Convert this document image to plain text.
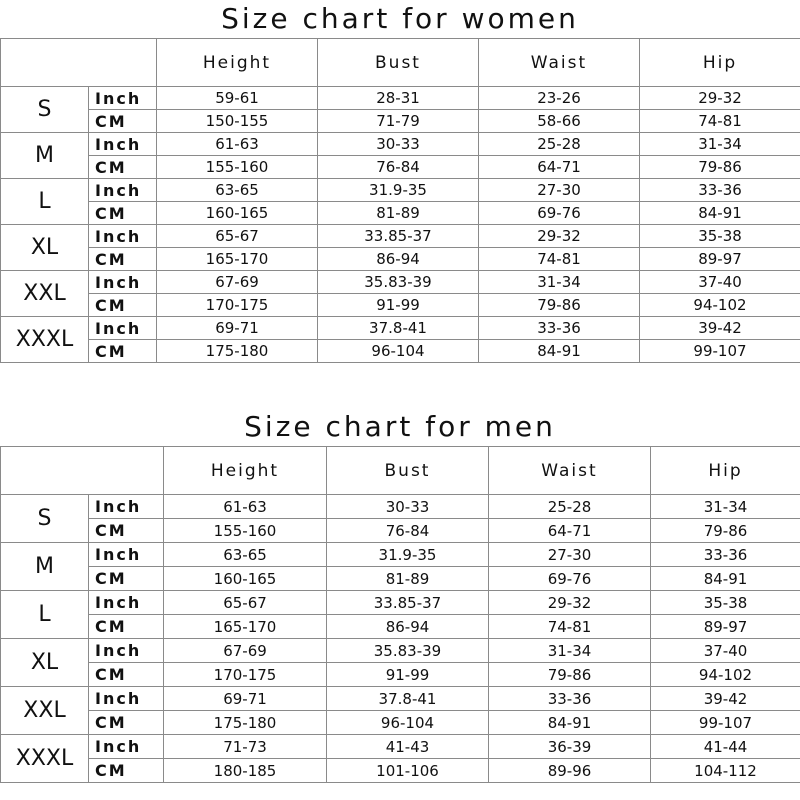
Size chart for women
		Height	Bust	Waist	Hip
S	Inch	59-61	28-31	23-26	29-32
	CM	150-155	71-79	58-66	74-81
M	Inch	61-63	30-33	25-28	31-34
	CM	155-160	76-84	64-71	79-86
L	Inch	63-65	31.9-35	27-30	33-36
	CM	160-165	81-89	69-76	84-91
XL	Inch	65-67	33.85-37	29-32	35-38
	CM	165-170	86-94	74-81	89-97
XXL	Inch	67-69	35.83-39	31-34	37-40
	CM	170-175	91-99	79-86	94-102
XXXL	Inch	69-71	37.8-41	33-36	39-42
	CM	175-180	96-104	84-91	99-107
Size chart for men
		Height	Bust	Waist	Hip
S	Inch	61-63	30-33	25-28	31-34
	CM	155-160	76-84	64-71	79-86
M	Inch	63-65	31.9-35	27-30	33-36
	CM	160-165	81-89	69-76	84-91
L	Inch	65-67	33.85-37	29-32	35-38
	CM	165-170	86-94	74-81	89-97
XL	Inch	67-69	35.83-39	31-34	37-40
	CM	170-175	91-99	79-86	94-102
XXL	Inch	69-71	37.8-41	33-36	39-42
	CM	175-180	96-104	84-91	99-107
XXXL	Inch	71-73	41-43	36-39	41-44
	CM	180-185	101-106	89-96	104-112
